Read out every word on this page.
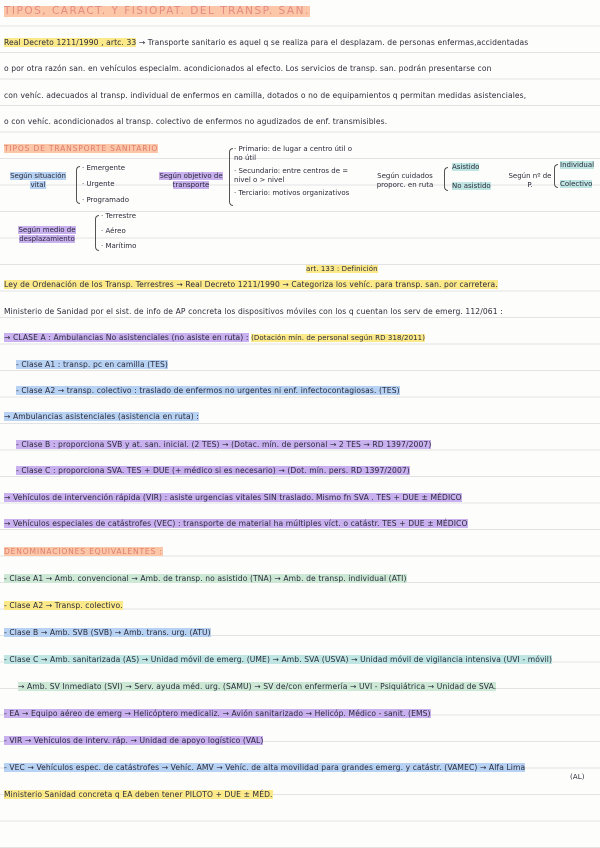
TIPOS, CARACT. Y FISIOPAT. DEL TRANSP. SAN.
Real Decreto 1211/1990 , artc. 33 → Transporte sanitario es aquel q se realiza para el desplazam. de personas enfermas,accidentadas
o por otra razón san. en vehículos especialm. acondicionados al efecto. Los servicios de transp. san. podrán presentarse con
con vehíc. adecuados al transp. individual de enfermos en camilla, dotados o no de equipamientos q permitan medidas asistenciales,
o con vehíc. acondicionados al transp. colectivo de enfermos no agudizados de enf. transmisibles.
TIPOS DE TRANSPORTE SANITARIO
Según situación vital
· Emergente
· Urgente
· Programado
Según objetivo de transporte
· Primario: de lugar a centro útil o no útil
· Secundario: entre centros de = nivel o > nivel
· Terciario: motivos organizativos
Según cuidados proporc. en ruta
Asistido
No asistido
Según nº de P.
Individual
Colectivo
Según medio de desplazamiento
· Terrestre
· Aéreo
· Marítimo
art. 133 : Definición
Ley de Ordenación de los Transp. Terrestres → Real Decreto 1211/1990 → Categoriza los vehíc. para transp. san. por carretera.
Ministerio de Sanidad por el sist. de info de AP concreta los dispositivos móviles con los q cuentan los serv de emerg. 112/061 :
→ CLASE A : Ambulancias No asistenciales (no asiste en ruta) : (Dotación mín. de personal según RD 318/2011)
- Clase A1 : transp. pc en camilla (TES)
- Clase A2 → transp. colectivo : traslado de enfermos no urgentes ni enf. infectocontagiosas. (TES)
→ Ambulancias asistenciales (asistencia en ruta) :
- Clase B : proporciona SVB y at. san. inicial. (2 TES) → (Dotac. mín. de personal → 2 TES → RD 1397/2007)
- Clase C : proporciona SVA. TES + DUE (+ médico si es necesario) → (Dot. mín. pers. RD 1397/2007)
→ Vehículos de intervención rápida (VIR) : asiste urgencias vitales SIN traslado. Mismo fn SVA . TES + DUE ± MÉDICO
→ Vehículos especiales de catástrofes (VEC) : transporte de material ha múltiples víct. o catástr. TES + DUE ± MÉDICO
DENOMINACIONES EQUIVALENTES :
- Clase A1 → Amb. convencional → Amb. de transp. no asistido (TNA) → Amb. de transp. individual (ATI)
- Clase A2 → Transp. colectivo.
- Clase B → Amb. SVB (SVB) → Amb. trans. urg. (ATU)
- Clase C → Amb. sanitarizada (AS) → Unidad móvil de emerg. (UME) → Amb. SVA (USVA) → Unidad móvil de vigilancia intensiva (UVI - móvil)
→ Amb. SV Inmediato (SVI) → Serv. ayuda méd. urg. (SAMU) → SV de/con enfermería → UVI - Psiquiátrica → Unidad de SVA.
- EA → Equipo aéreo de emerg → Helicóptero medicaliz. → Avión sanitarizado → Helicóp. Médico - sanit. (EMS)
- VIR → Vehículos de interv. ráp. → Unidad de apoyo logístico (VAL)
- VEC → Vehículos espec. de catástrofes → Vehíc. AMV → Vehíc. de alta movilidad para grandes emerg. y catástr. (VAMEC) → Alfa Lima
(AL)
Ministerio Sanidad concreta q EA deben tener PILOTO + DUE ± MÉD.
